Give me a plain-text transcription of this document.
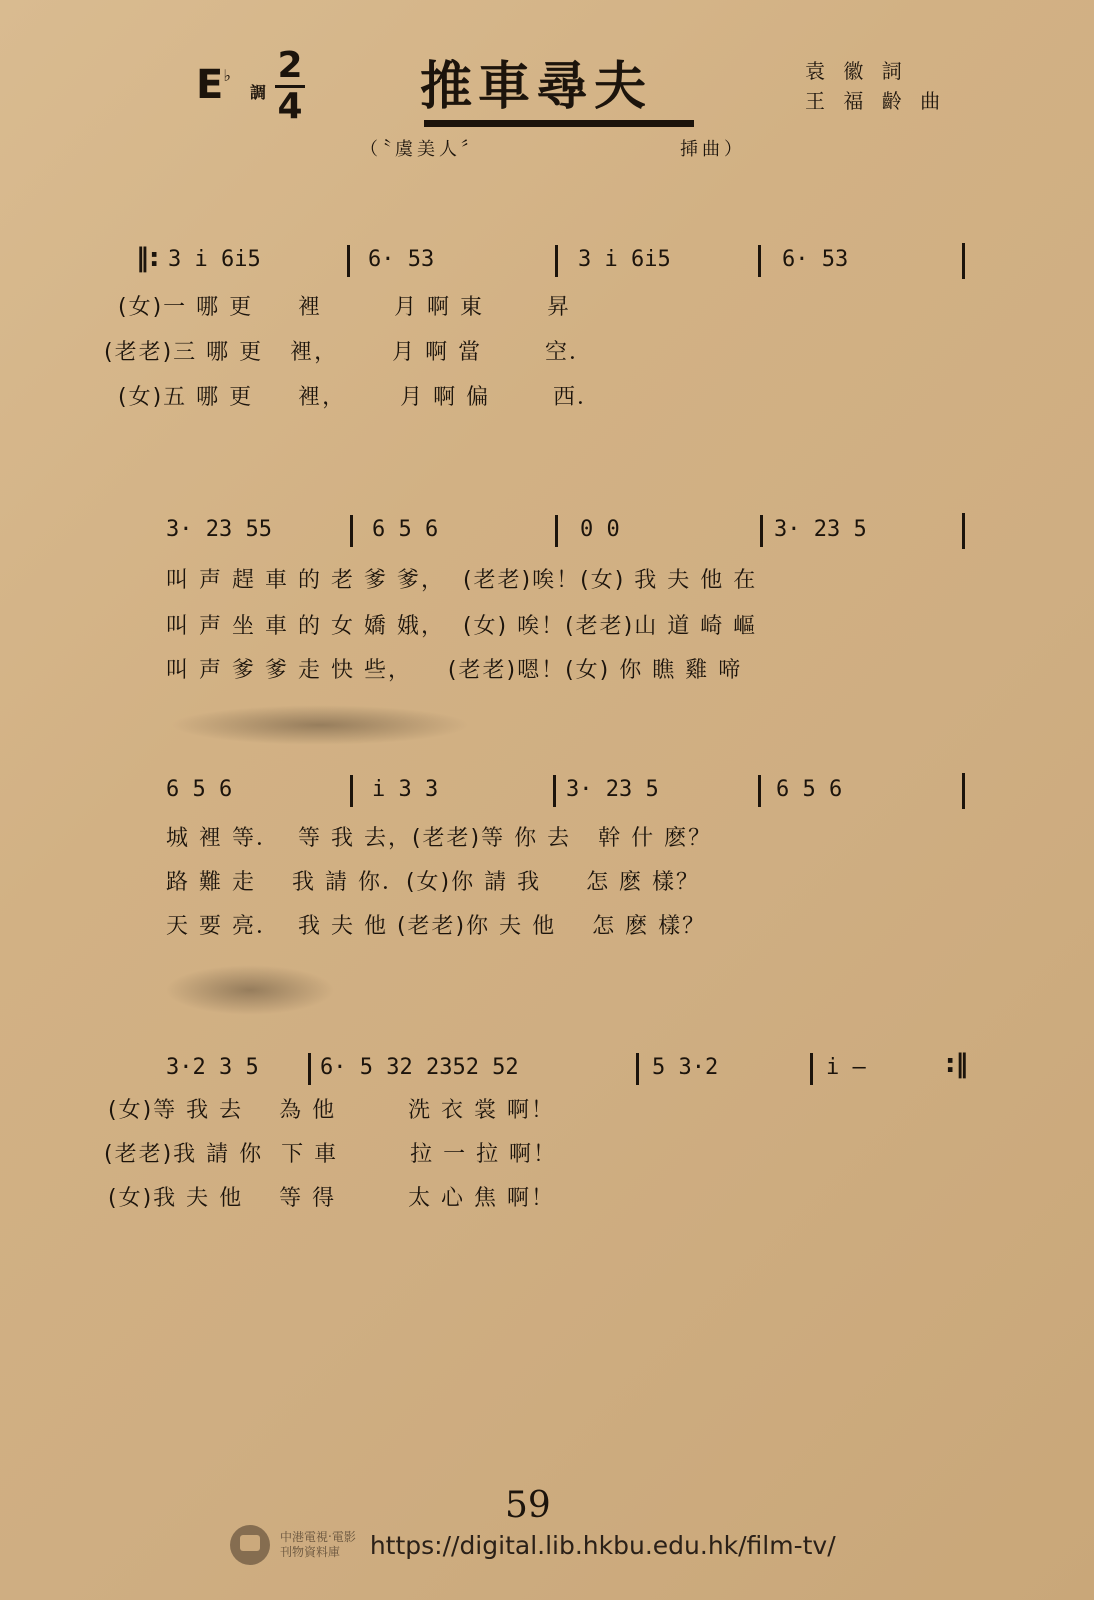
E♭
調
2
4 推車尋夫	袁 徽 詞
王 福 齡 曲
（〝虞美人〞	揷曲）
‖: 3 i 6i5	6· 53	3 i 6i5	6· 53
(女)一 哪 更     裡        月 啊 東       昇
(老老)三 哪 更   裡，      月 啊 當       空．
(女)五 哪 更     裡，      月 啊 偏       西．
3· 23 55	6 5 6	0 0	3· 23 5
叫 声 趕 車 的 老 爹 爹，  (老老)唉！(女) 我 夫 他 在
叫 声 坐 車 的 女 嬌 娥，  (女) 唉！(老老)山 道 崎 嶇
叫 声 爹 爹 走 快 些，    (老老)嗯！(女) 你 瞧 雞 啼
6 5 6	i 3 3	3· 23 5	6 5 6
城 裡 等．  等 我 去，(老老)等 你 去   幹 什 麽？
路 難 走    我 請 你．(女)你 請 我     怎 麽 樣？
天 要 亮．  我 夫 他 (老老)你 夫 他    怎 麽 樣？
3·2 3 5	6· 5 32 2352 52	5 3·2	i —	:‖
(女)等 我 去    為 他        洗 衣 裳 啊！
(老老)我 請 你  下 車        拉 一 拉 啊！
(女)我 夫 他    等 得        太 心 焦 啊！
59
中港電視‧電影
刊物資料庫	https://digital.lib.hkbu.edu.hk/film-tv/
